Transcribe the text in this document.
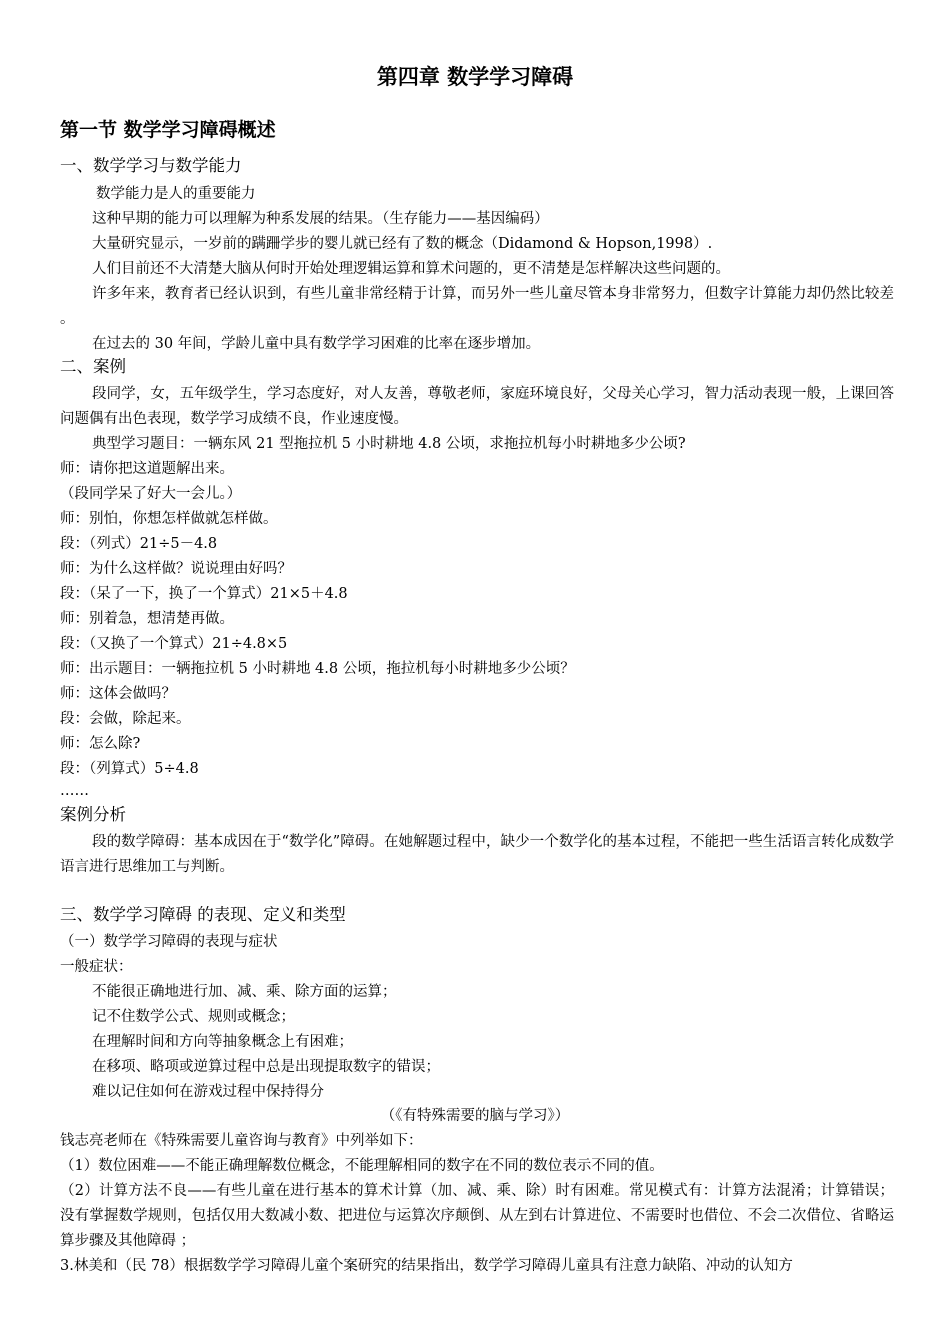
第四章 数学学习障碍
第一节 数学学习障碍概述
一、数学学习与数学能力
数学能力是人的重要能力
这种早期的能力可以理解为种系发展的结果。（生存能力——基因编码）
大量研究显示，一岁前的蹒跚学步的婴儿就已经有了数的概念（Didamond & Hopson,1998）.
人们目前还不大清楚大脑从何时开始处理逻辑运算和算术问题的，更不清楚是怎样解决这些问题的。
许多年来，教育者已经认识到，有些儿童非常经精于计算，而另外一些儿童尽管本身非常努力，但数字计算能力却仍然比较差 。
在过去的 30 年间，学龄儿童中具有数学学习困难的比率在逐步增加。
二、案例
段同学，女，五年级学生，学习态度好，对人友善，尊敬老师，家庭环境良好，父母关心学习，智力活动表现一般，上课回答问题偶有出色表现，数学学习成绩不良，作业速度慢。
典型学习题目：一辆东风 21 型拖拉机 5 小时耕地 4.8 公顷，求拖拉机每小时耕地多少公顷?
师：请你把这道题解出来。
（段同学呆了好大一会儿。）
师：别怕，你想怎样做就怎样做。
段：（列式）21÷5－4.8
师：为什么这样做？说说理由好吗？
段：（呆了一下，换了一个算式）21×5＋4.8
师：别着急，想清楚再做。
段：（又换了一个算式）21÷4.8×5
师：出示题目：一辆拖拉机 5 小时耕地 4.8 公顷，拖拉机每小时耕地多少公顷？
师：这体会做吗？
段：会做，除起来。
师：怎么除?
段：（列算式）5÷4.8
……
案例分析
段的数学障碍：基本成因在于“数学化”障碍。在她解题过程中，缺少一个数学化的基本过程，不能把一些生活语言转化成数学语言进行思维加工与判断。
三、数学学习障碍 的表现、定义和类型
（一）数学学习障碍的表现与症状
一般症状：
不能很正确地进行加、减、乘、除方面的运算；
记不住数学公式、规则或概念；
在理解时间和方向等抽象概念上有困难；
在移项、略项或逆算过程中总是出现提取数字的错误；
难以记住如何在游戏过程中保持得分
（《有特殊需要的脑与学习》）
钱志亮老师在《特殊需要儿童咨询与教育》中列举如下：
（1）数位困难——不能正确理解数位概念，不能理解相同的数字在不同的数位表示不同的值。
（2）计算方法不良——有些儿童在进行基本的算术计算（加、减、乘、除）时有困难。常见模式有：计算方法混淆；计算错误；没有掌握数学规则，包括仅用大数减小数、把进位与运算次序颠倒、从左到右计算进位、不需要时也借位、不会二次借位、省略运算步骤及其他障碍 ；
3.林美和（民 78）根据数学学习障碍儿童个案研究的结果指出，数学学习障碍儿童具有注意力缺陷、冲动的认知方
